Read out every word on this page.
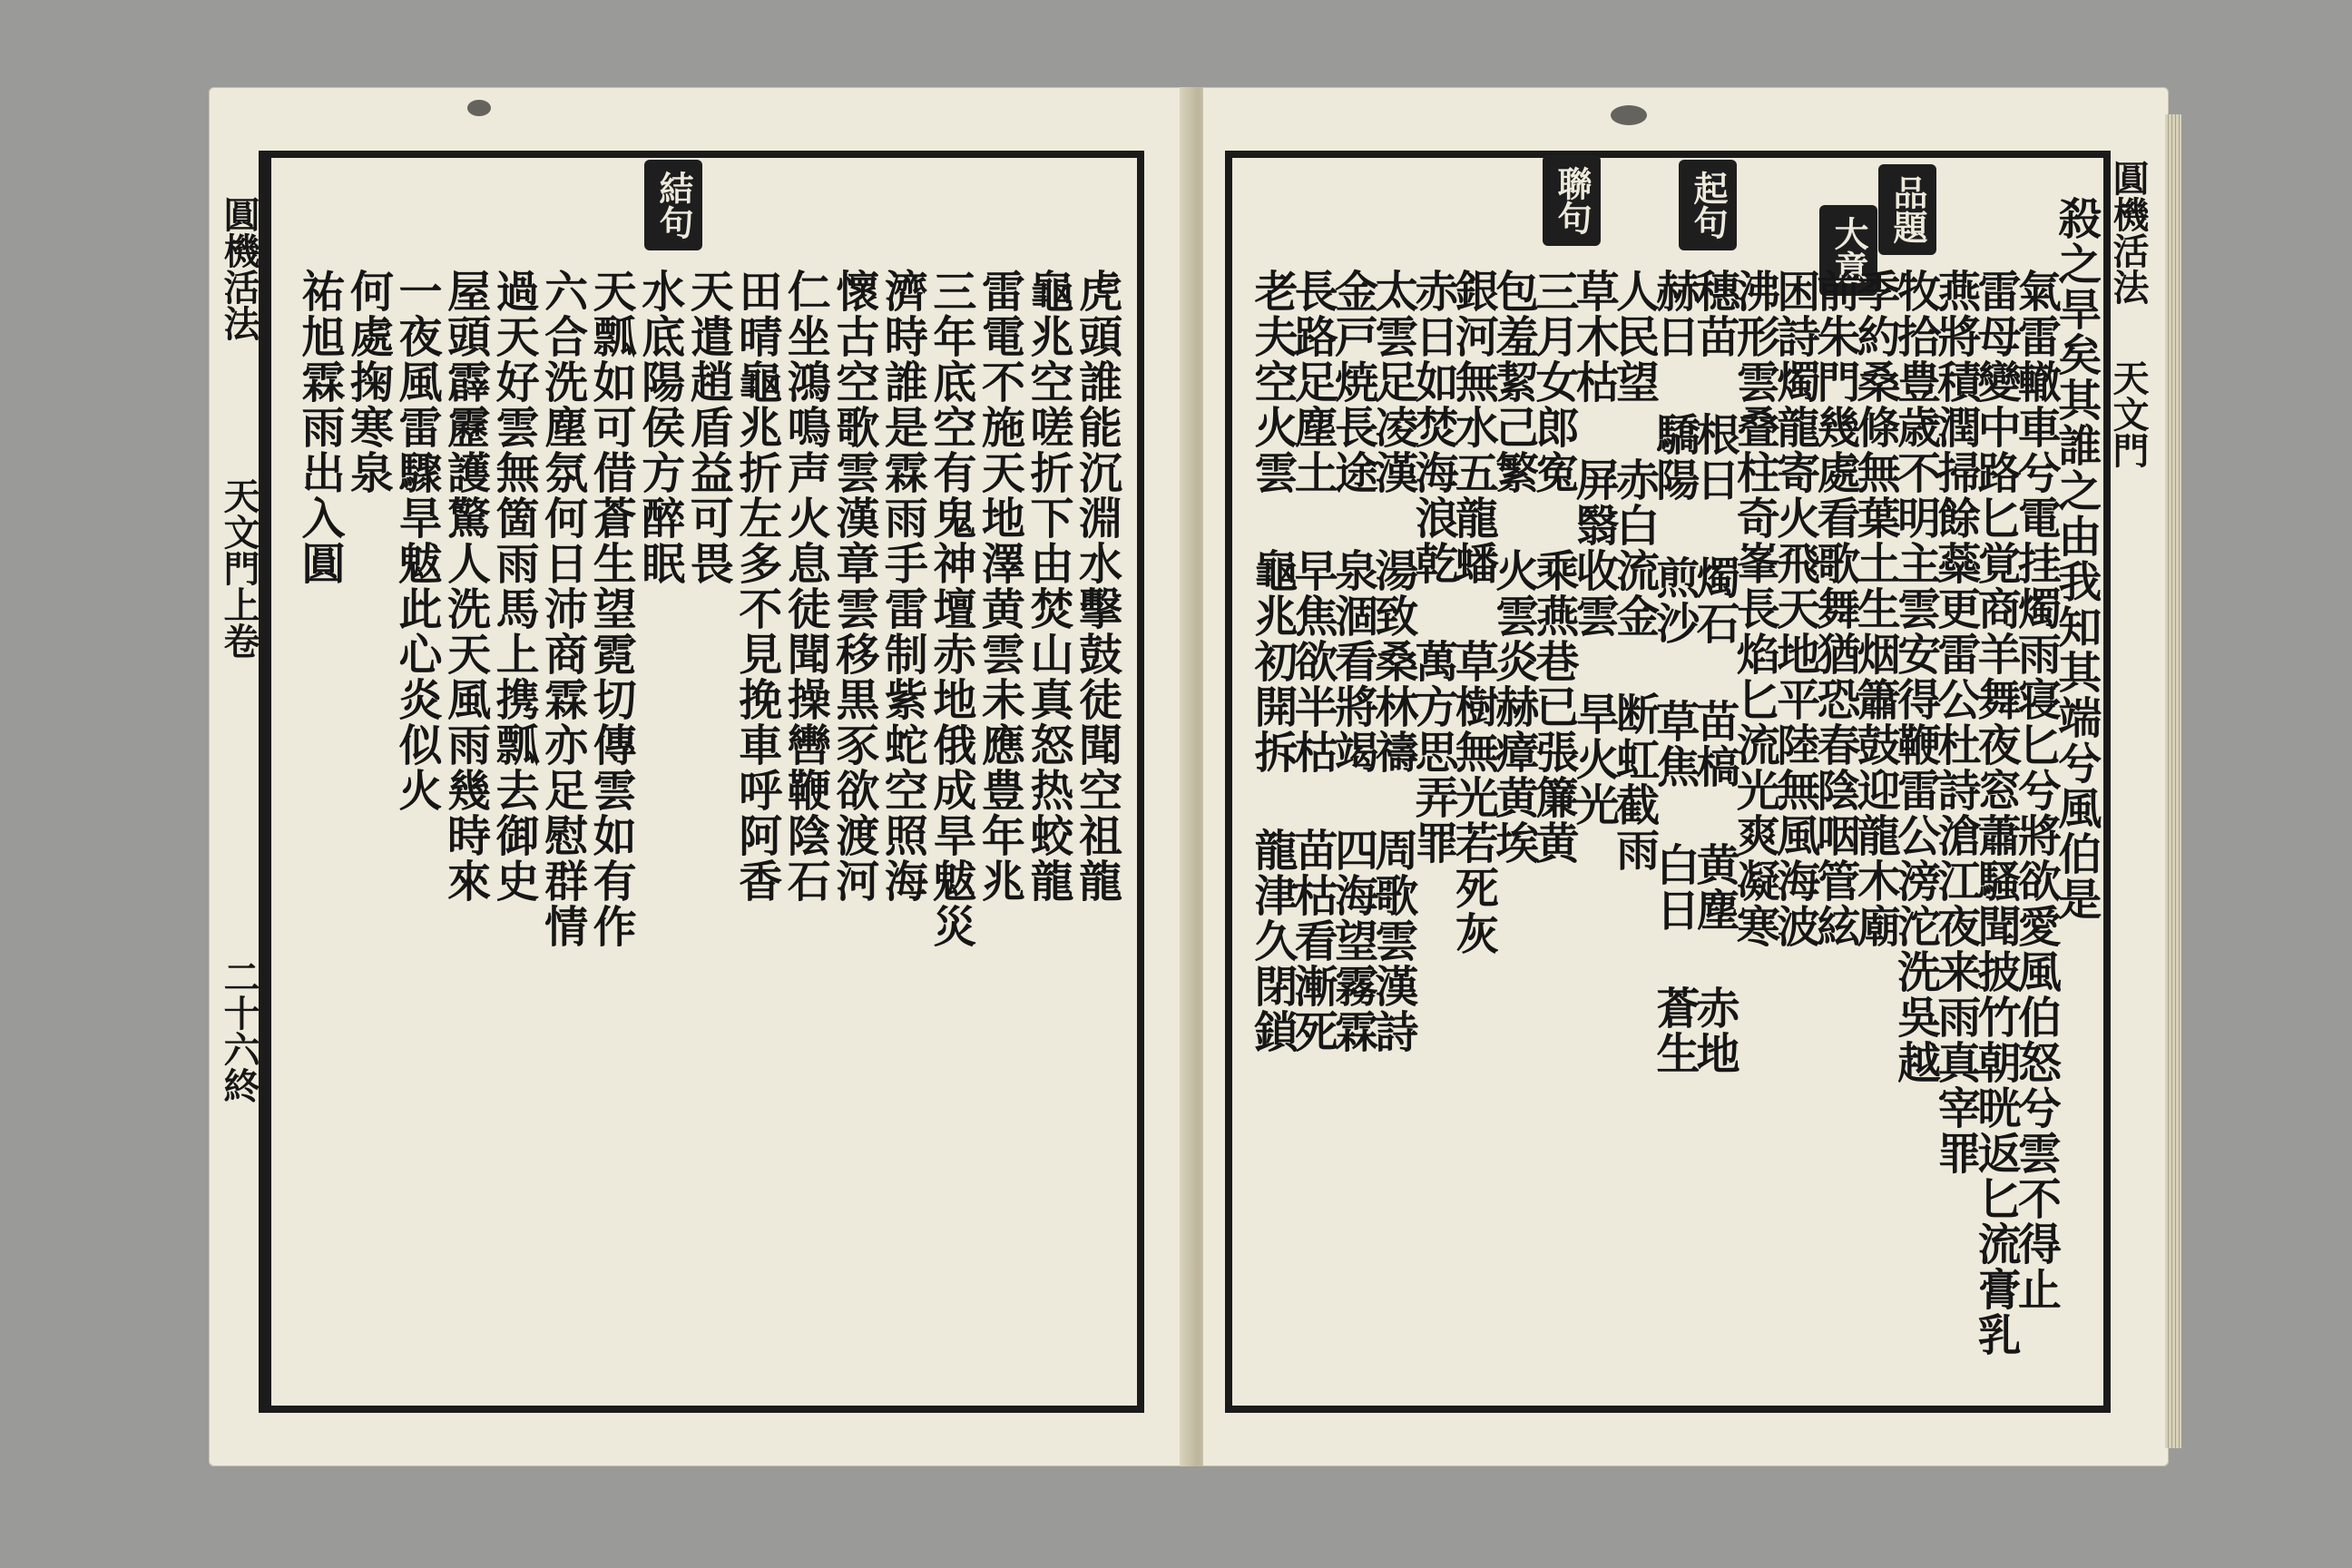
圓機活法
天文門上卷
二十六終
結句
虎頭誰能沉淵水擊鼓徒聞空祖龍
龜兆空嗟折下由焚山真怒热蛟龍
雷電不施天地澤黄雲未應豊年兆
三年底空有鬼神壇赤地俄成旱魃災
濟時誰是霖雨手雷制紫蛇空照海
懷古空歌雲漢章雲移黒豕欲渡河
仁坐鴻鳴声火息徒聞操轡鞭陰石
田晴龜兆折左多不見挽車呼阿香
天遣趙盾益可畏
水底陽侯方醉眠
天瓢如可借蒼生望霓切傳雲如有作
六合洗塵氛何日沛商霖亦足慰群情
過天好雲無箇雨馬上携瓢去御史
屋頭霹靂護驚人洗天風雨幾時來
一夜風雷驟旱魃此心炎似火
何處掬寒泉
祐旭霖雨出入圓
圓機活法
天文門
品題
大意
起句
聯句	殺之旱矣其誰之由我知其端兮風伯是
氣雷轍車兮電挂燭雨寝匕兮將欲愛風伯怒兮雲不得止
雷母變中路匕覚商羊舞夜窓蕭騷聞披竹朝晄返匕流膏乳
燕將積潤掃餘蘂更雷公杜詩滄江夜来雨真宰罪
牧拾豊歳不明主雲安得鞭雷公滂沱洗吳越
季約桑條無葉土生烟簫鼓迎龍木廟
前朱門幾處看歌舞猶恐春陰咽管絃
困詩燭龍寄火飛天地平陸無風海波
沸形雲叠柱奇峯長焰匕流光爽凝寒
穗苗 根日 燭石 苗槁 黄塵 赤地
赫日 驕陽 煎沙 草焦 白日 蒼生
人民望 赤白流金 断虹截雨
草木枯 屏翳收雲 旱火光
三月女郎寃 乘燕巷已張簾黄
包羞絜己繁 火雲炎赫瘴黄埃
銀河無水五龍蟠 草樹無光若死灰
赤日如焚海浪乾 萬方思弄罪
太雲足凌漢 湯致桑林禱 周歌雲漢詩
金戸焼長途 泉涸看將竭 四海望霧霖
長路足塵土 早焦欲半枯 苗枯看漸死
老夫空火雲 龜兆初開拆 龍津久閉鎖
